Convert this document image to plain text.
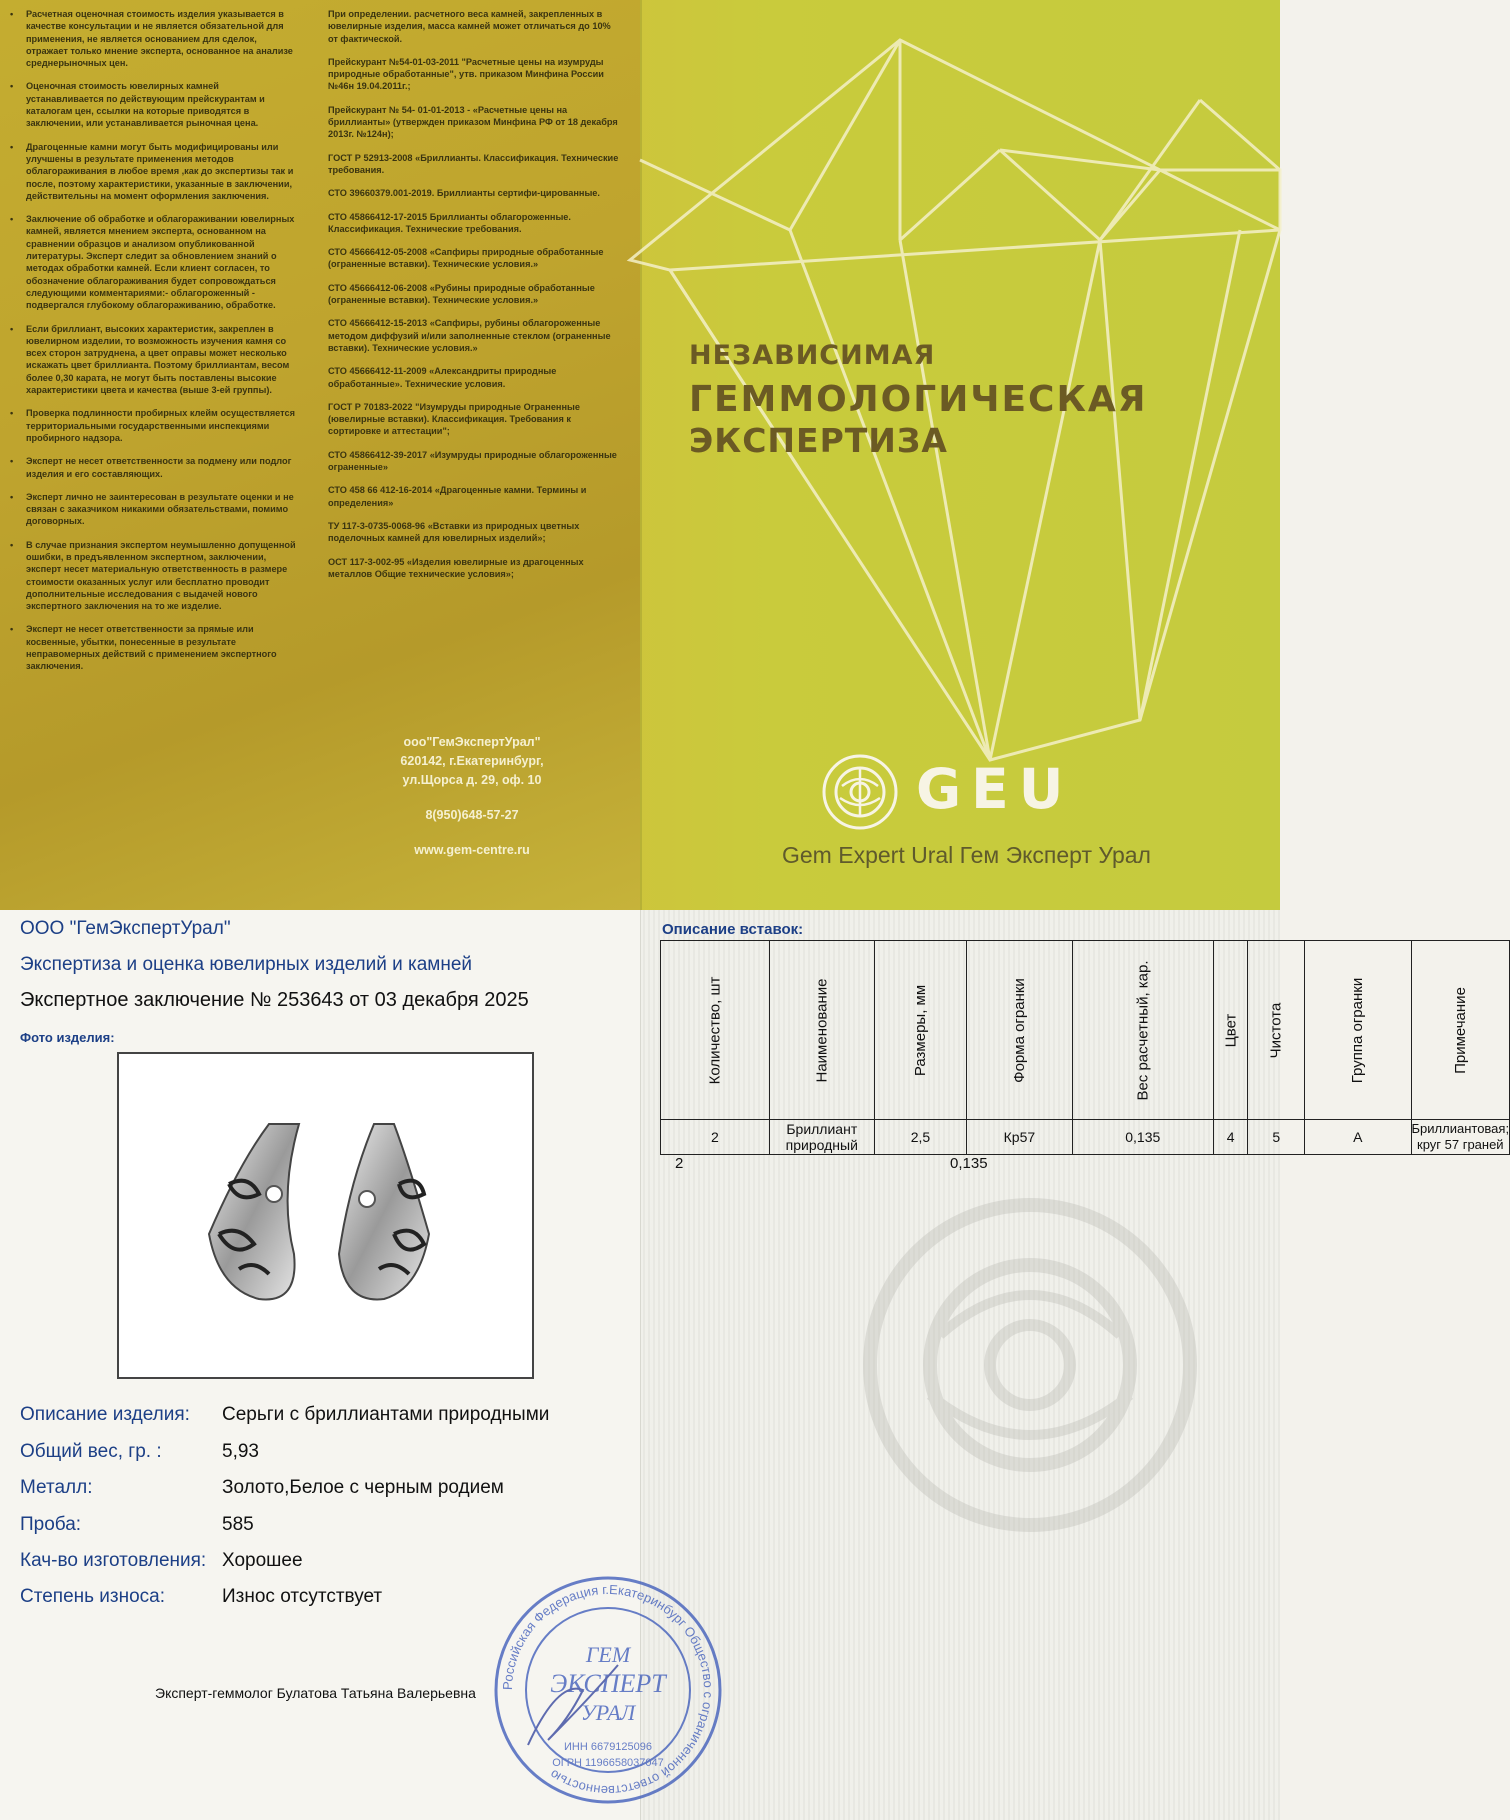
• Расчетная оценочная стоимость изделия указывается в качестве консультации и не является обязательной для применения, не является основанием для сделок, отражает только мнение эксперта, основанное на анализе среднерыночных цен.

• Оценочная стоимость ювелирных камней устанавливается по действующим прейскурантам и каталогам цен, ссылки на которые приводятся в заключении, или устанавливается рыночная цена.

• Драгоценные камни могут быть модифицированы или улучшены в результате применения методов облагораживания в любое время ,как до экспертизы так и после, поэтому характеристики, указанные в заключении, действительны на момент оформления заключения.

• Заключение об обработке и облагораживании ювелирных камней, является мнением эксперта, основанном на сравнении образцов и анализом опубликованной литературы. Эксперт следит за обновлением знаний о методах обработки камней. Если клиент согласен, то обозначение облагораживания будет сопровождаться следующими комментариями:- облагороженный - подвергался глубокому облагораживанию, обработке.

• Если бриллиант, высоких характеристик, закреплен в ювелирном изделии, то возможность изучения камня со всех сторон затруднена, а цвет оправы может несколько искажать цвет бриллианта. Поэтому бриллиантам, весом более 0,30 карата, не могут быть поставлены высокие характеристики цвета и качества (выше 3-ей группы).

• Проверка подлинности пробирных клейм осуществляется территориальными государственными инспекциями пробирного надзора.

• Эксперт не несет ответственности за подмену или подлог изделия и его составляющих.

• Эксперт лично не заинтересован в результате оценки и не связан с заказчиком никакими обязательствами, помимо договорных.

• В случае признания экспертом неумышленно допущенной ошибки, в предъявленном экспертном, заключении, эксперт несет материальную ответственность в размере стоимости оказанных услуг или бесплатно проводит дополнительные исследования с выдачей нового экспертного заключения на то же изделие.

• Эксперт не несет ответственности за прямые или косвенные, убытки, понесенные в результате неправомерных действий с применением экспертного заключения.

При определении. расчетного веса камней, закрепленных в ювелирные изделия, масса камней может отличаться до 10% от фактической.

Прейскурант №54-01-03-2011 "Расчетные цены на изумруды природные обработанные", утв. приказом Минфина России №46н 19.04.2011г.;

Прейскурант № 54- 01-01-2013 - «Расчетные цены на бриллианты» (утвержден приказом Минфина РФ от 18 декабря 2013г. №124н);

ГОСТ Р 52913-2008 «Бриллианты. Классификация. Технические требования.

СТО 39660379.001-2019. Бриллианты сертифи-цированные.

СТО 45866412-17-2015 Бриллианты облагороженные. Классификация. Технические требования.

СТО 45666412-05-2008 «Сапфиры природные обработанные (ограненные вставки). Технические условия.»

СТО 45666412-06-2008 «Рубины природные обработанные (ограненные вставки). Технические условия.»

СТО 45666412-15-2013 «Сапфиры, рубины облагороженные методом диффузий и/или заполненные стеклом (ограненные вставки). Технические условия.»

СТО 45666412-11-2009 «Александриты природные обработанные». Технические условия.

ГОСТ Р 70183-2022 "Изумруды природные Ограненные (ювелирные вставки). Классификация. Требования к сортировке и аттестации";

СТО 45866412-39-2017 «Изумруды природные облагороженные ограненные»

СТО 458 66 412-16-2014 «Драгоценные камни. Термины и определения»

ТУ 117-3-0735-0068-96 «Вставки из природных цветных поделочных камней для ювелирных изделий»;

ОСТ 117-3-002-95 «Изделия ювелирные из драгоценных металлов Общие технические условия»;

ооо"ГемЭкспертУрал"
620142, г.Екатеринбург,
ул.Щорса д. 29, оф. 10
8(950)648-57-27
www.gem-centre.ru
НЕЗАВИСИМАЯ
ГЕММОЛОГИЧЕСКАЯ
ЭКСПЕРТИЗА
GEU
Gem Expert Ural Гем Эксперт Урал
ООО "ГемЭкспертУрал"
Экспертиза и оценка ювелирных изделий и камней
Экспертное заключение № 253643 от 03 декабря 2025
Фото изделия:
Описание изделия: Серьги с бриллиантами природными
Общий вес, гр. :	5,93
Металл:	Золото,Белое с черным родием
Проба:	585
Кач-во изготовления: Хорошее
Степень износа:	Износ отсутствует
Эксперт-геммолог Булатова Татьяна Валерьевна
Описание вставок:
Количество, шт	Наименование	Размеры, мм	Форма огранки	Вес расчетный, кар.	Цвет	Чистота	Группа огранки	Примечание
2	Бриллиант природный	2,5	Кр57	0,135	4	5	А	Бриллиантовая; круг 57 граней
2	0,135
Российская Федерация г.Екатеринбург Общество с ограниченной ответственностью
ГЕМ
ЭКСПЕРТ
УРАЛ
ИНН 6679125096
ОГРН 1196658037047
